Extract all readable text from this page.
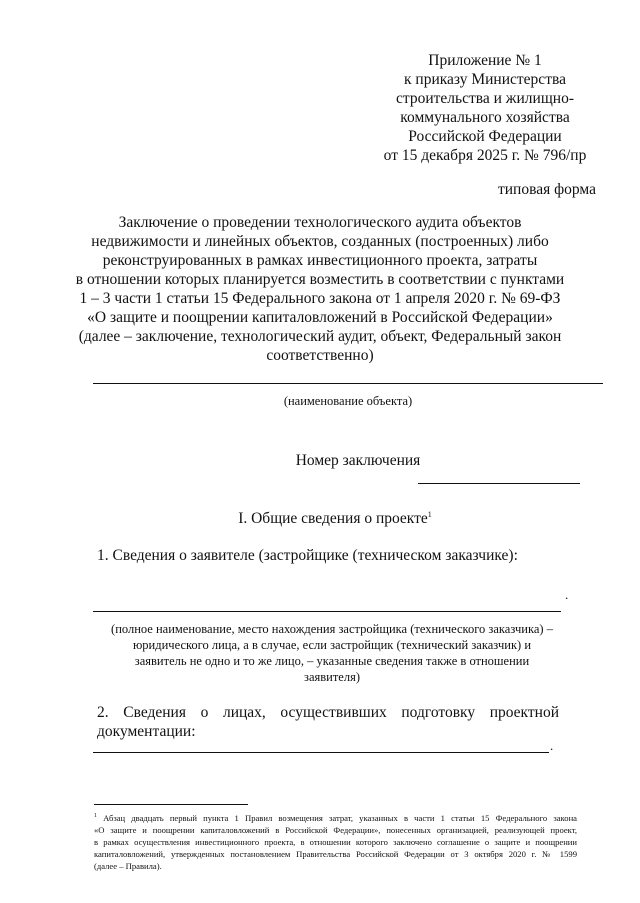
Приложение № 1
к приказу Министерства
строительства и жилищно-
коммунального хозяйства
Российской Федерации
от 15 декабря 2025 г. № 796/пр
типовая форма
Заключение о проведении технологического аудита объектов
недвижимости и линейных объектов, созданных (построенных) либо
реконструированных в рамках инвестиционного проекта, затраты
в отношении которых планируется возместить в соответствии с пунктами
1 – 3 части 1 статьи 15 Федерального закона от 1 апреля 2020 г. № 69-ФЗ
«О защите и поощрении капиталовложений в Российской Федерации»
(далее – заключение, технологический аудит, объект, Федеральный закон
соответственно)
(наименование объекта)
Номер заключения
I. Общие сведения о проекте$^1$
1. Сведения о заявителе (застройщике (техническом заказчике):
.
(полное наименование, место нахождения застройщика (технического заказчика) –
юридического лица, а в случае, если застройщик (технический заказчик) и
заявитель не одно и то же лицо, – указанные сведения также в отношении
заявителя)
2. Сведения о лицах, осуществивших подготовку проектной
документации:
.
$^1$ Абзац двадцать первый пункта 1 Правил возмещения затрат, указанных в части 1 статьи 15 Федерального закона
«О защите и поощрении капиталовложений в Российской Федерации», понесенных организацией, реализующей проект,
в рамках осуществления инвестиционного проекта, в отношении которого заключено соглашение о защите и поощрении
капиталовложений, утвержденных постановлением Правительства Российской Федерации от 3 октября 2020 г. № 1599
(далее – Правила).
